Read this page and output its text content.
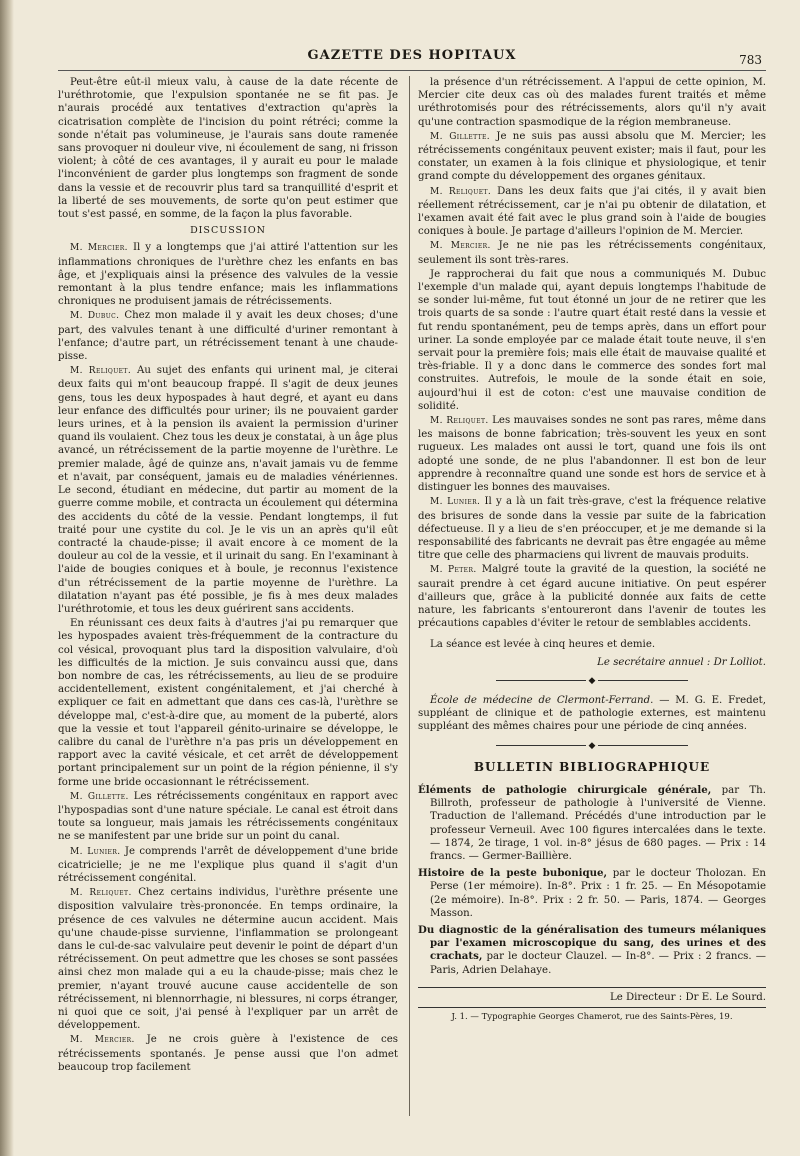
GAZETTE DES HOPITAUX	783

Peut-être eût-il mieux valu, à cause de la date récente de l'uréthrotomie, que l'expulsion spontanée ne se fit pas. Je n'aurais procédé aux tentatives d'extraction qu'après la cicatrisation complète de l'incision du point rétréci; comme la sonde n'était pas volumineuse, je l'aurais sans doute ramenée sans provoquer ni douleur vive, ni écoulement de sang, ni frisson violent; à côté de ces avantages, il y aurait eu pour le malade l'inconvénient de garder plus longtemps son fragment de sonde dans la vessie et de recouvrir plus tard sa tranquillité d'esprit et la liberté de ses mouvements, de sorte qu'on peut estimer que tout s'est passé, en somme, de la façon la plus favorable.

DISCUSSION

M. Mercier. Il y a longtemps que j'ai attiré l'attention sur les inflammations chroniques de l'urèthre chez les enfants en bas âge, et j'expliquais ainsi la présence des valvules de la vessie remontant à la plus tendre enfance; mais les inflammations chroniques ne produisent jamais de rétrécissements.

M. Dubuc. Chez mon malade il y avait les deux choses; d'une part, des valvules tenant à une difficulté d'uriner remontant à l'enfance; d'autre part, un rétrécissement tenant à une chaude-pisse.

M. Reliquet. Au sujet des enfants qui urinent mal, je citerai deux faits qui m'ont beaucoup frappé. Il s'agit de deux jeunes gens, tous les deux hypospades à haut degré, et ayant eu dans leur enfance des difficultés pour uriner; ils ne pouvaient garder leurs urines, et à la pension ils avaient la permission d'uriner quand ils voulaient. Chez tous les deux je constatai, à un âge plus avancé, un rétrécissement de la partie moyenne de l'urèthre. Le premier malade, âgé de quinze ans, n'avait jamais vu de femme et n'avait, par conséquent, jamais eu de maladies vénériennes. Le second, étudiant en médecine, dut partir au moment de la guerre comme mobile, et contracta un écoulement qui détermina des accidents du côté de la vessie. Pendant longtemps, il fut traité pour une cystite du col. Je le vis un an après qu'il eût contracté la chaude-pisse; il avait encore à ce moment de la douleur au col de la vessie, et il urinait du sang. En l'examinant à l'aide de bougies coniques et à boule, je reconnus l'existence d'un rétrécissement de la partie moyenne de l'urèthre. La dilatation n'ayant pas été possible, je fis à mes deux malades l'uréthrotomie, et tous les deux guérirent sans accidents.

En réunissant ces deux faits à d'autres j'ai pu remarquer que les hypospades avaient très-fréquemment de la contracture du col vésical, provoquant plus tard la disposition valvulaire, d'où les difficultés de la miction. Je suis convaincu aussi que, dans bon nombre de cas, les rétrécissements, au lieu de se produire accidentellement, existent congénitalement, et j'ai cherché à expliquer ce fait en admettant que dans ces cas-là, l'urèthre se développe mal, c'est-à-dire que, au moment de la puberté, alors que la vessie et tout l'appareil génito-urinaire se développe, le calibre du canal de l'urèthre n'a pas pris un développement en rapport avec la cavité vésicale, et cet arrêt de développement portant principalement sur un point de la région pénienne, il s'y forme une bride occasionnant le rétrécissement.

M. Gillette. Les rétrécissements congénitaux en rapport avec l'hypospadias sont d'une nature spéciale. Le canal est étroit dans toute sa longueur, mais jamais les rétrécissements congénitaux ne se manifestent par une bride sur un point du canal.

M. Lunier. Je comprends l'arrêt de développement d'une bride cicatricielle; je ne me l'explique plus quand il s'agit d'un rétrécissement congénital.

M. Reliquet. Chez certains individus, l'urèthre présente une disposition valvulaire très-prononcée. En temps ordinaire, la présence de ces valvules ne détermine aucun accident. Mais qu'une chaude-pisse survienne, l'inflammation se prolongeant dans le cul-de-sac valvulaire peut devenir le point de départ d'un rétrécissement. On peut admettre que les choses se sont passées ainsi chez mon malade qui a eu la chaude-pisse; mais chez le premier, n'ayant trouvé aucune cause accidentelle de son rétrécissement, ni blennorrhagie, ni blessures, ni corps étranger, ni quoi que ce soit, j'ai pensé à l'expliquer par un arrêt de développement.

M. Mercier. Je ne crois guère à l'existence de ces rétrécissements spontanés. Je pense aussi que l'on admet beaucoup trop facilement

la présence d'un rétrécissement. A l'appui de cette opinion, M. Mercier cite deux cas où des malades furent traités et même uréthrotomisés pour des rétrécissements, alors qu'il n'y avait qu'une contraction spasmodique de la région membraneuse.

M. Gillette. Je ne suis pas aussi absolu que M. Mercier; les rétrécissements congénitaux peuvent exister; mais il faut, pour les constater, un examen à la fois clinique et physiologique, et tenir grand compte du développement des organes génitaux.

M. Reliquet. Dans les deux faits que j'ai cités, il y avait bien réellement rétrécissement, car je n'ai pu obtenir de dilatation, et l'examen avait été fait avec le plus grand soin à l'aide de bougies coniques à boule. Je partage d'ailleurs l'opinion de M. Mercier.

M. Mercier. Je ne nie pas les rétrécissements congénitaux, seulement ils sont très-rares.

Je rapprocherai du fait que nous a communiqués M. Dubuc l'exemple d'un malade qui, ayant depuis longtemps l'habitude de se sonder lui-même, fut tout étonné un jour de ne retirer que les trois quarts de sa sonde : l'autre quart était resté dans la vessie et fut rendu spontanément, peu de temps après, dans un effort pour uriner. La sonde employée par ce malade était toute neuve, il s'en servait pour la première fois; mais elle était de mauvaise qualité et très-friable. Il y a donc dans le commerce des sondes fort mal construites. Autrefois, le moule de la sonde était en soie, aujourd'hui il est de coton: c'est une mauvaise condition de solidité.

M. Reliquet. Les mauvaises sondes ne sont pas rares, même dans les maisons de bonne fabrication; très-souvent les yeux en sont rugueux. Les malades ont aussi le tort, quand une fois ils ont adopté une sonde, de ne plus l'abandonner. Il est bon de leur apprendre à reconnaître quand une sonde est hors de service et à distinguer les bonnes des mauvaises.

M. Lunier. Il y a là un fait très-grave, c'est la fréquence relative des brisures de sonde dans la vessie par suite de la fabrication défectueuse. Il y a lieu de s'en préoccuper, et je me demande si la responsabilité des fabricants ne devrait pas être engagée au même titre que celle des pharmaciens qui livrent de mauvais produits.

M. Peter. Malgré toute la gravité de la question, la société ne saurait prendre à cet égard aucune initiative. On peut espérer d'ailleurs que, grâce à la publicité donnée aux faits de cette nature, les fabricants s'entoureront dans l'avenir de toutes les précautions capables d'éviter le retour de semblables accidents.

La séance est levée à cinq heures et demie.

Le secrétaire annuel : Dr Lolliot.

◆

École de médecine de Clermont-Ferrand. — M. G. E. Fredet, suppléant de clinique et de pathologie externes, est maintenu suppléant des mêmes chaires pour une période de cinq années.

◆
BULLETIN BIBLIOGRAPHIQUE

Éléments de pathologie chirurgicale générale, par Th. Billroth, professeur de pathologie à l'université de Vienne. Traduction de l'allemand. Précédés d'une introduction par le professeur Verneuil. Avec 100 figures intercalées dans le texte.— 1874, 2e tirage, 1 vol. in-8° jésus de 680 pages. — Prix : 14 francs. — Germer-Baillière.

Histoire de la peste bubonique, par le docteur Tholozan. En Perse (1er mémoire). In-8°. Prix : 1 fr. 25. — En Mésopotamie (2e mémoire). In-8°. Prix : 2 fr. 50. — Paris, 1874. — Georges Masson.

Du diagnostic de la généralisation des tumeurs mélaniques par l'examen microscopique du sang, des urines et des crachats, par le docteur Clauzel. — In-8°. — Prix : 2 francs. — Paris, Adrien Delahaye.

Le Directeur : Dr E. Le Sourd.

J. 1. — Typographie Georges Chamerot, rue des Saints-Pères, 19.
